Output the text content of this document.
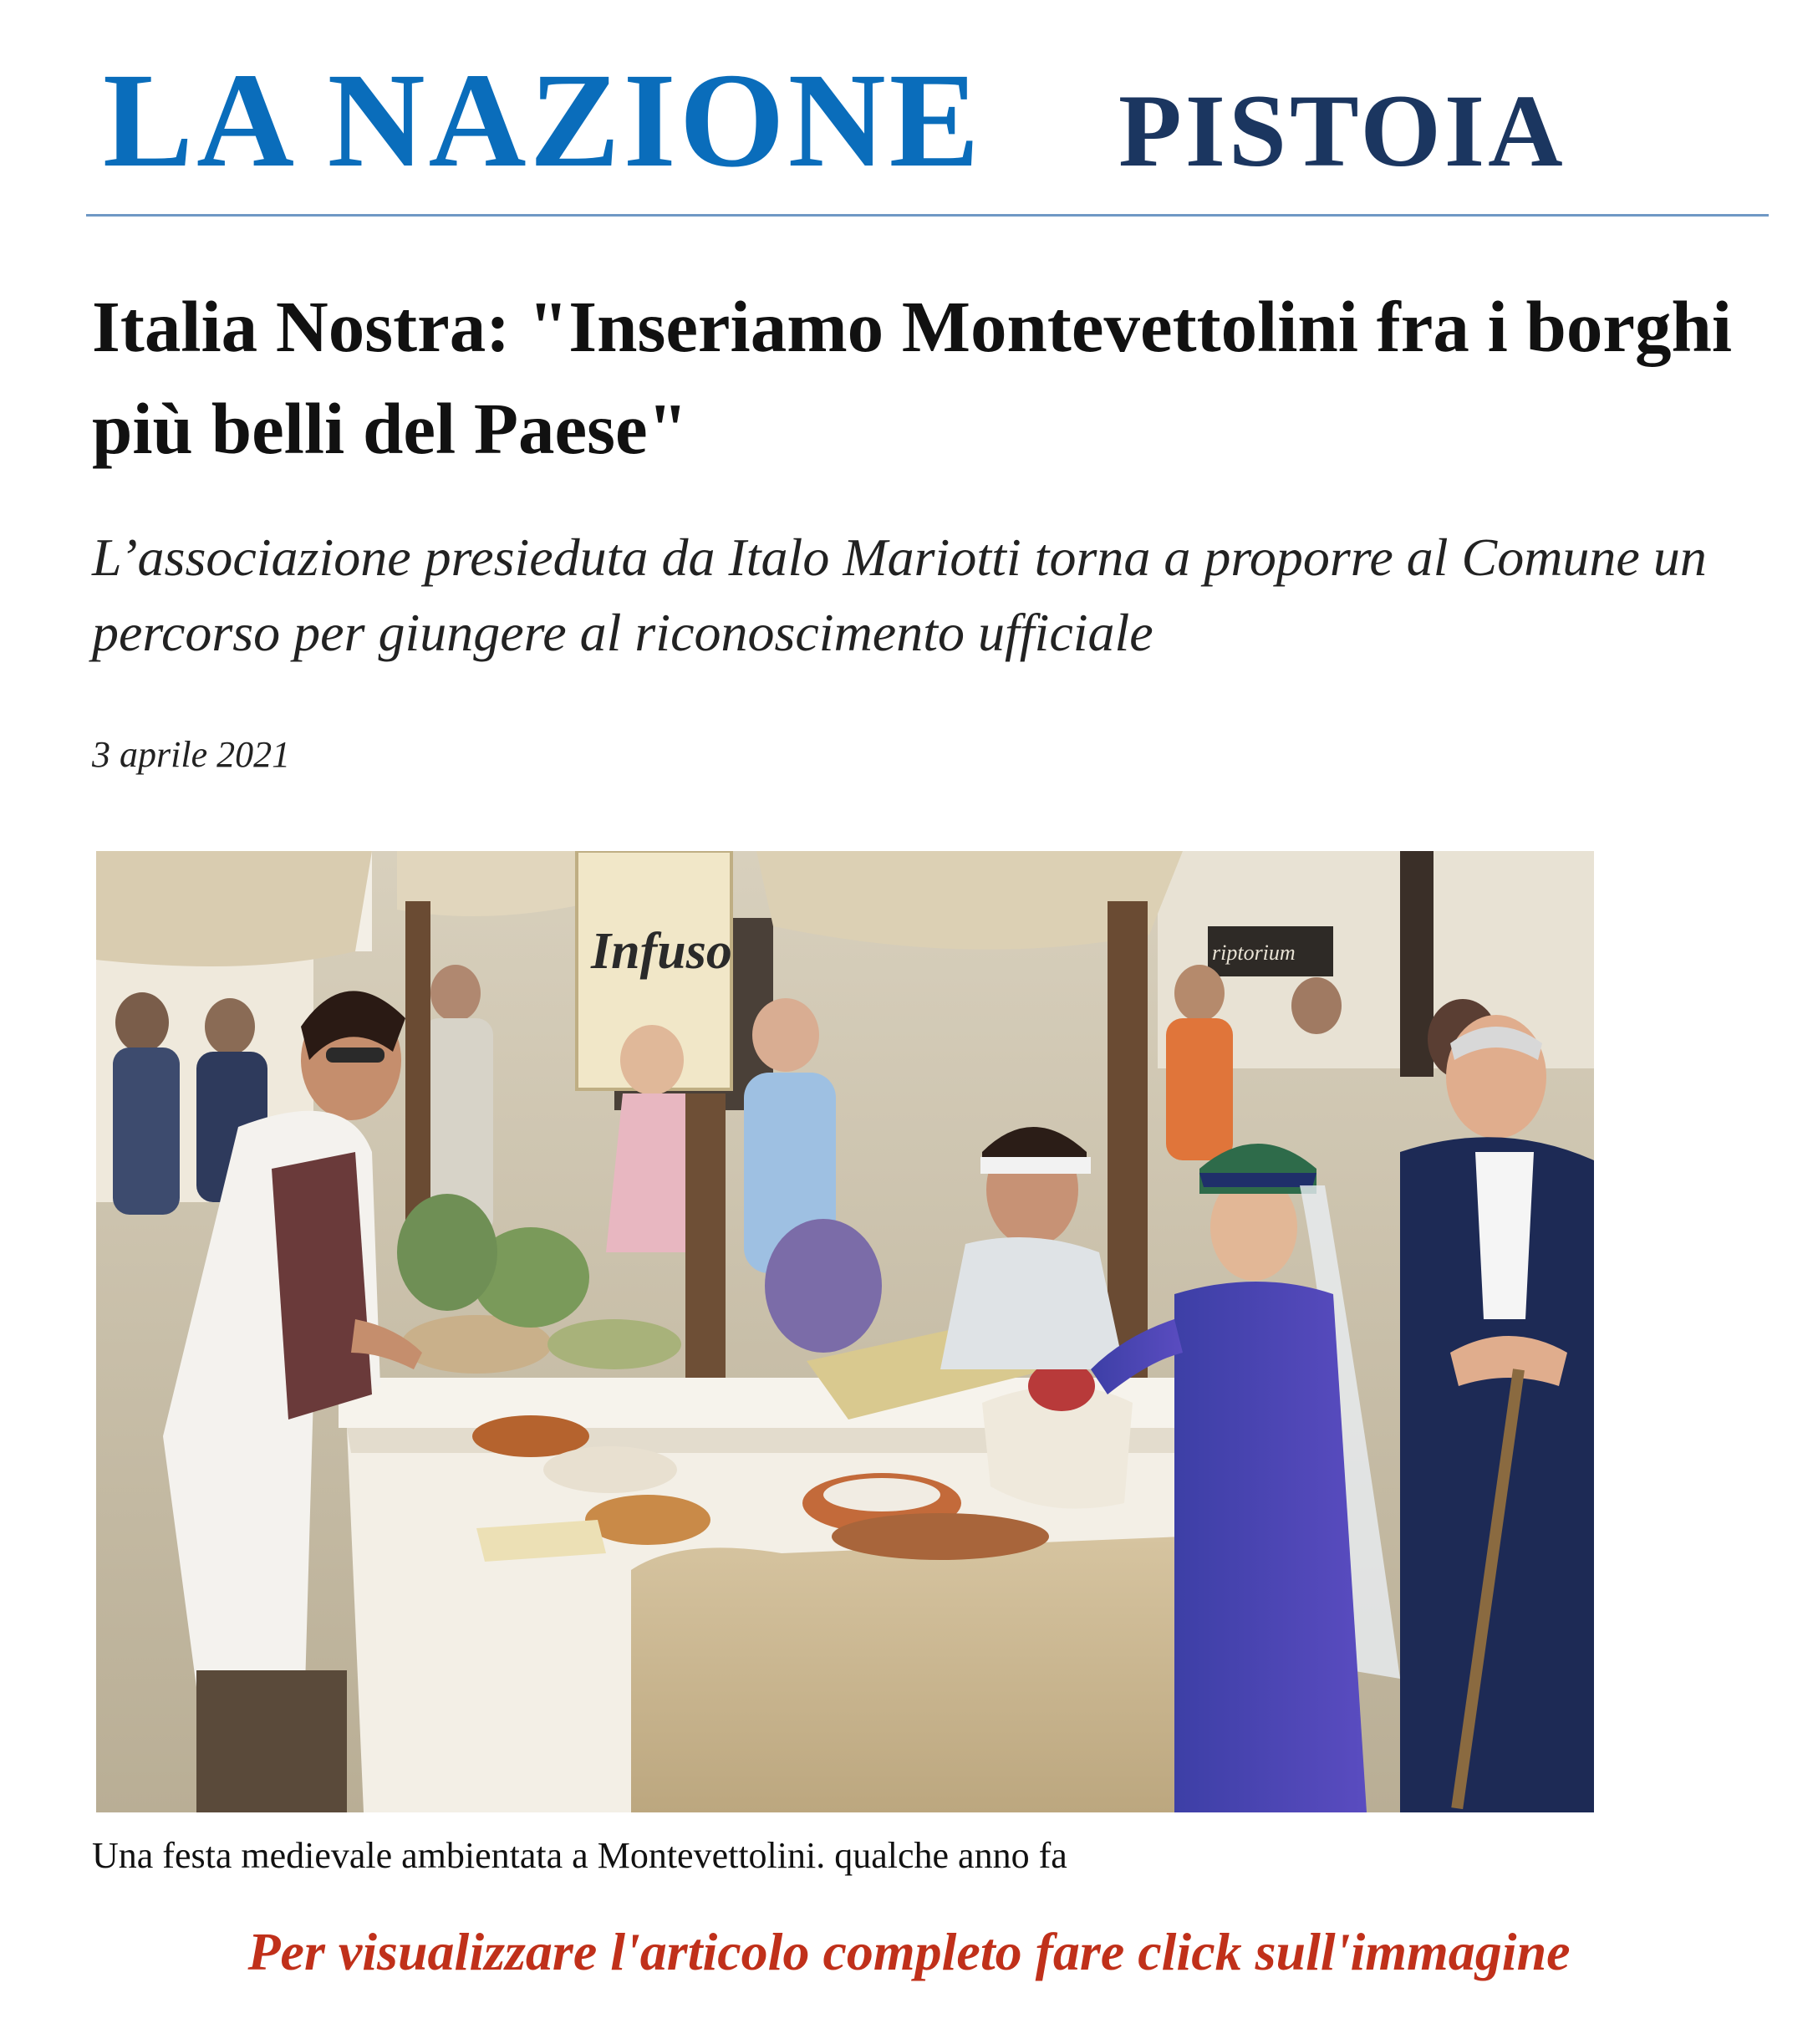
LA NAZIONE PISTOIA
Italia Nostra: "Inseriamo Montevettolini fra i borghi più belli del Paese"

L’associazione presieduta da Italo Mariotti torna a proporre al Comune un percorso per giungere al riconoscimento ufficiale

3 aprile 2021
riptorium
Infuso
Una festa medievale ambientata a Montevettolini. qualche anno fa
Per visualizzare l'articolo completo fare click sull'immagine
